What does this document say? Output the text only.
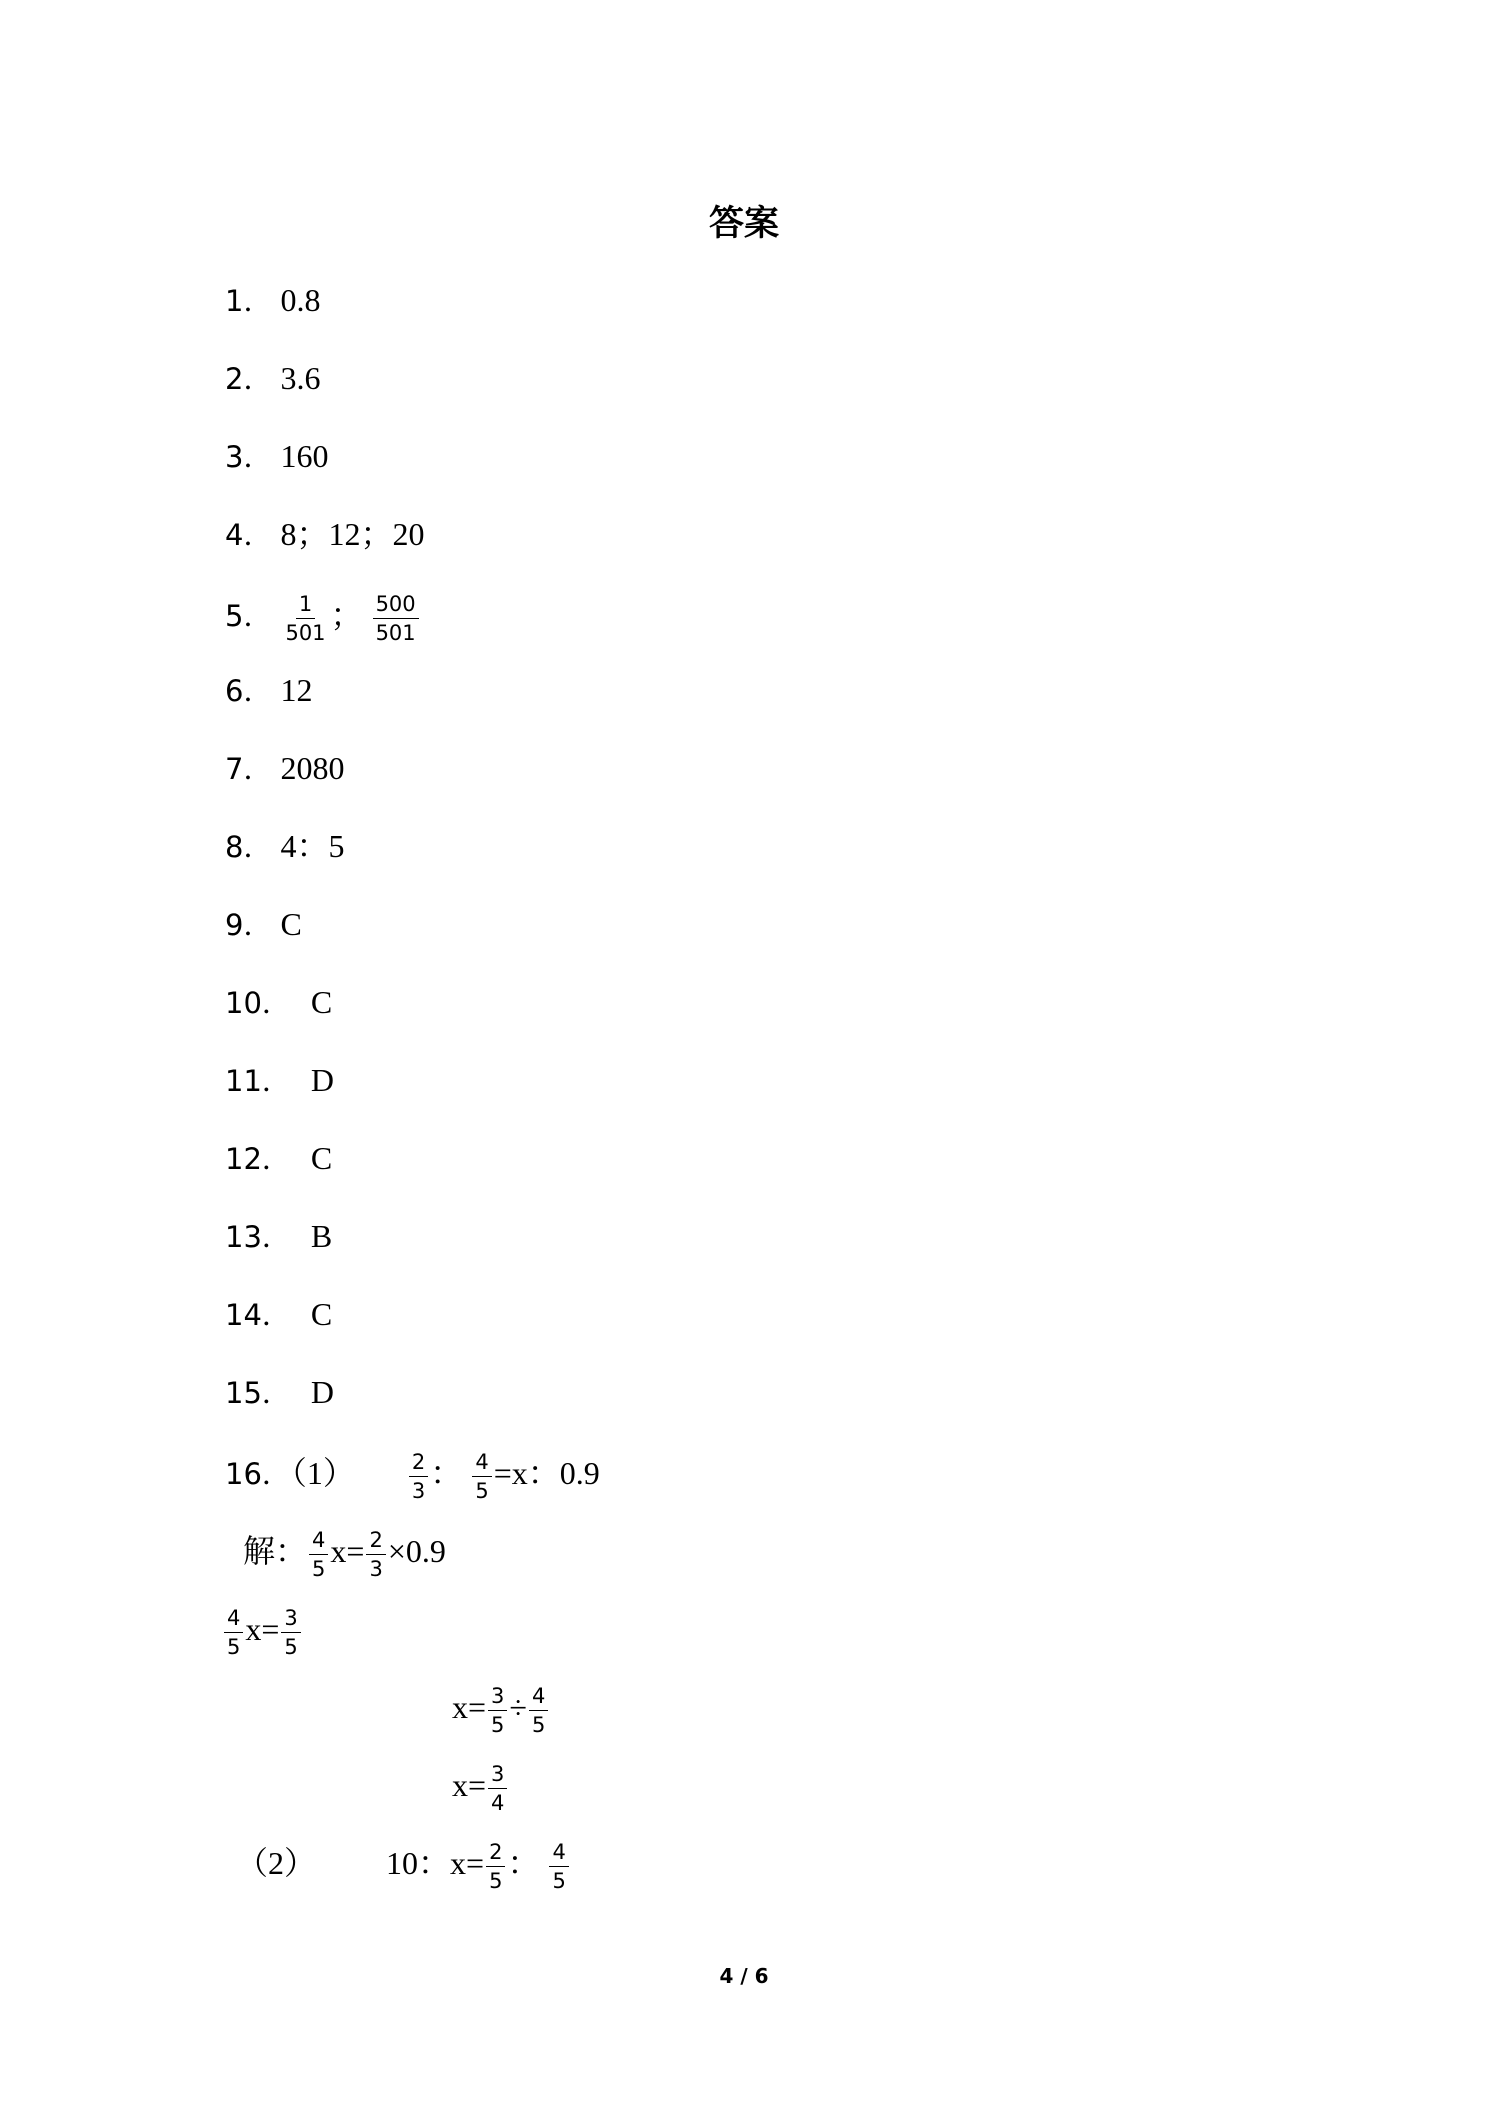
答案
1． 0.8
2． 3.6
3． 160
4． 8；12；20
5． $\frac{1}{501}$ ； $\frac{500}{501}$
6． 12
7． 2080
8． 4：5
9． C
10． C
11． D
12． C
13． B
14． C
15． D
16．（1）	$\frac{2}{3}$ ： $\frac{4}{5} =x$：0.9
解： $\frac{4}{5} x= \frac{2}{3} \times 0.9$
$\frac{4}{5} x= \frac{3}{5}$
$x= \frac{3}{5} \div \frac{4}{5}$
$x= \frac{3}{4}$
（2） 10：$x= \frac{2}{5}$ ： $\frac{4}{5}$
4 / 6
